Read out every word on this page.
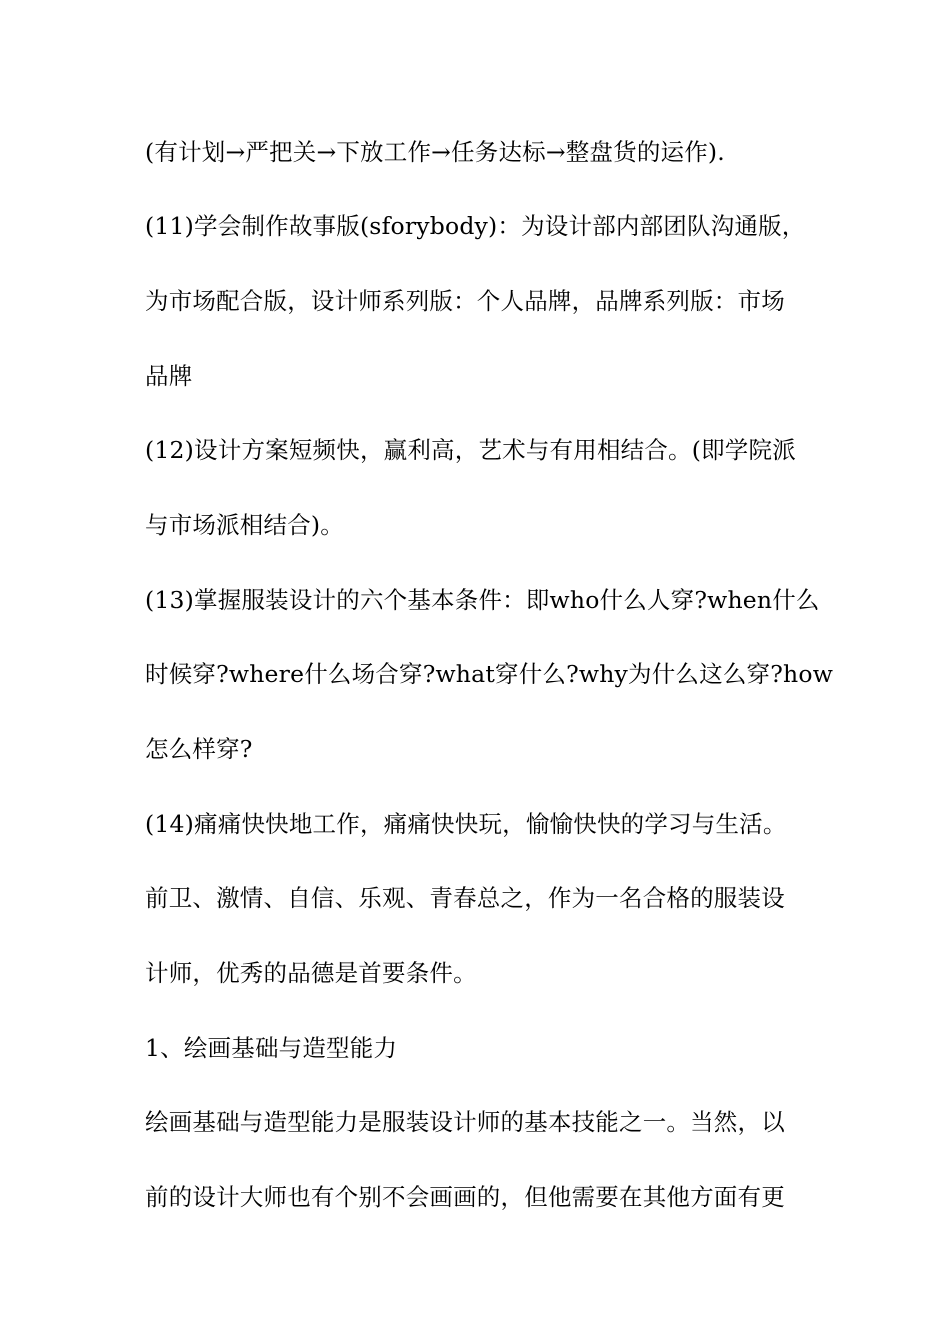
(有计划→严把关→下放工作→任务达标→整盘货的运作).
(11)学会制作故事版(sforybody)：为设计部内部团队沟通版，
为市场配合版，设计师系列版：个人品牌，品牌系列版：市场
品牌
(12)设计方案短频快，赢利高，艺术与有用相结合。(即学院派
与市场派相结合)。
(13)掌握服装设计的六个基本条件：即who什么人穿?when什么
时候穿?where什么场合穿?what穿什么?why为什么这么穿?how
怎么样穿?
(14)痛痛快快地工作，痛痛快快玩，愉愉快快的学习与生活。
前卫、激情、自信、乐观、青春总之，作为一名合格的服装设
计师，优秀的品德是首要条件。
1、绘画基础与造型能力
绘画基础与造型能力是服装设计师的基本技能之一。当然，以
前的设计大师也有个别不会画画的，但他需要在其他方面有更
